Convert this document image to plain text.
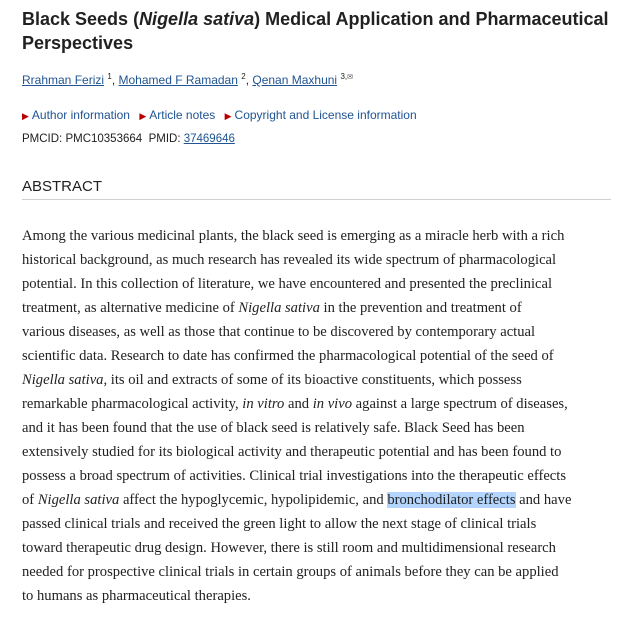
Black Seeds (Nigella sativa) Medical Application and Pharmaceutical Perspectives
Rrahman Ferizi $^1$, Mohamed F Ramadan $^2$, Qenan Maxhuni $^{3,✉}$
▶ Author information ▶ Article notes ▶ Copyright and License information
PMCID: PMC10353664 PMID: 37469646
ABSTRACT

Among the various medicinal plants, the black seed is emerging as a miracle herb with a rich
historical background, as much research has revealed its wide spectrum of pharmacological
potential. In this collection of literature, we have encountered and presented the preclinical
treatment, as alternative medicine of Nigella sativa in the prevention and treatment of
various diseases, as well as those that continue to be discovered by contemporary actual
scientific data. Research to date has confirmed the pharmacological potential of the seed of
Nigella sativa, its oil and extracts of some of its bioactive constituents, which possess
remarkable pharmacological activity, in vitro and in vivo against a large spectrum of diseases,
and it has been found that the use of black seed is relatively safe. Black Seed has been
extensively studied for its biological activity and therapeutic potential and has been found to
possess a broad spectrum of activities. Clinical trial investigations into the therapeutic effects
of Nigella sativa affect the hypoglycemic, hypolipidemic, and bronchodilator effects and have
passed clinical trials and received the green light to allow the next stage of clinical trials
toward therapeutic drug design. However, there is still room and multidimensional research
needed for prospective clinical trials in certain groups of animals before they can be applied
to humans as pharmaceutical therapies.
